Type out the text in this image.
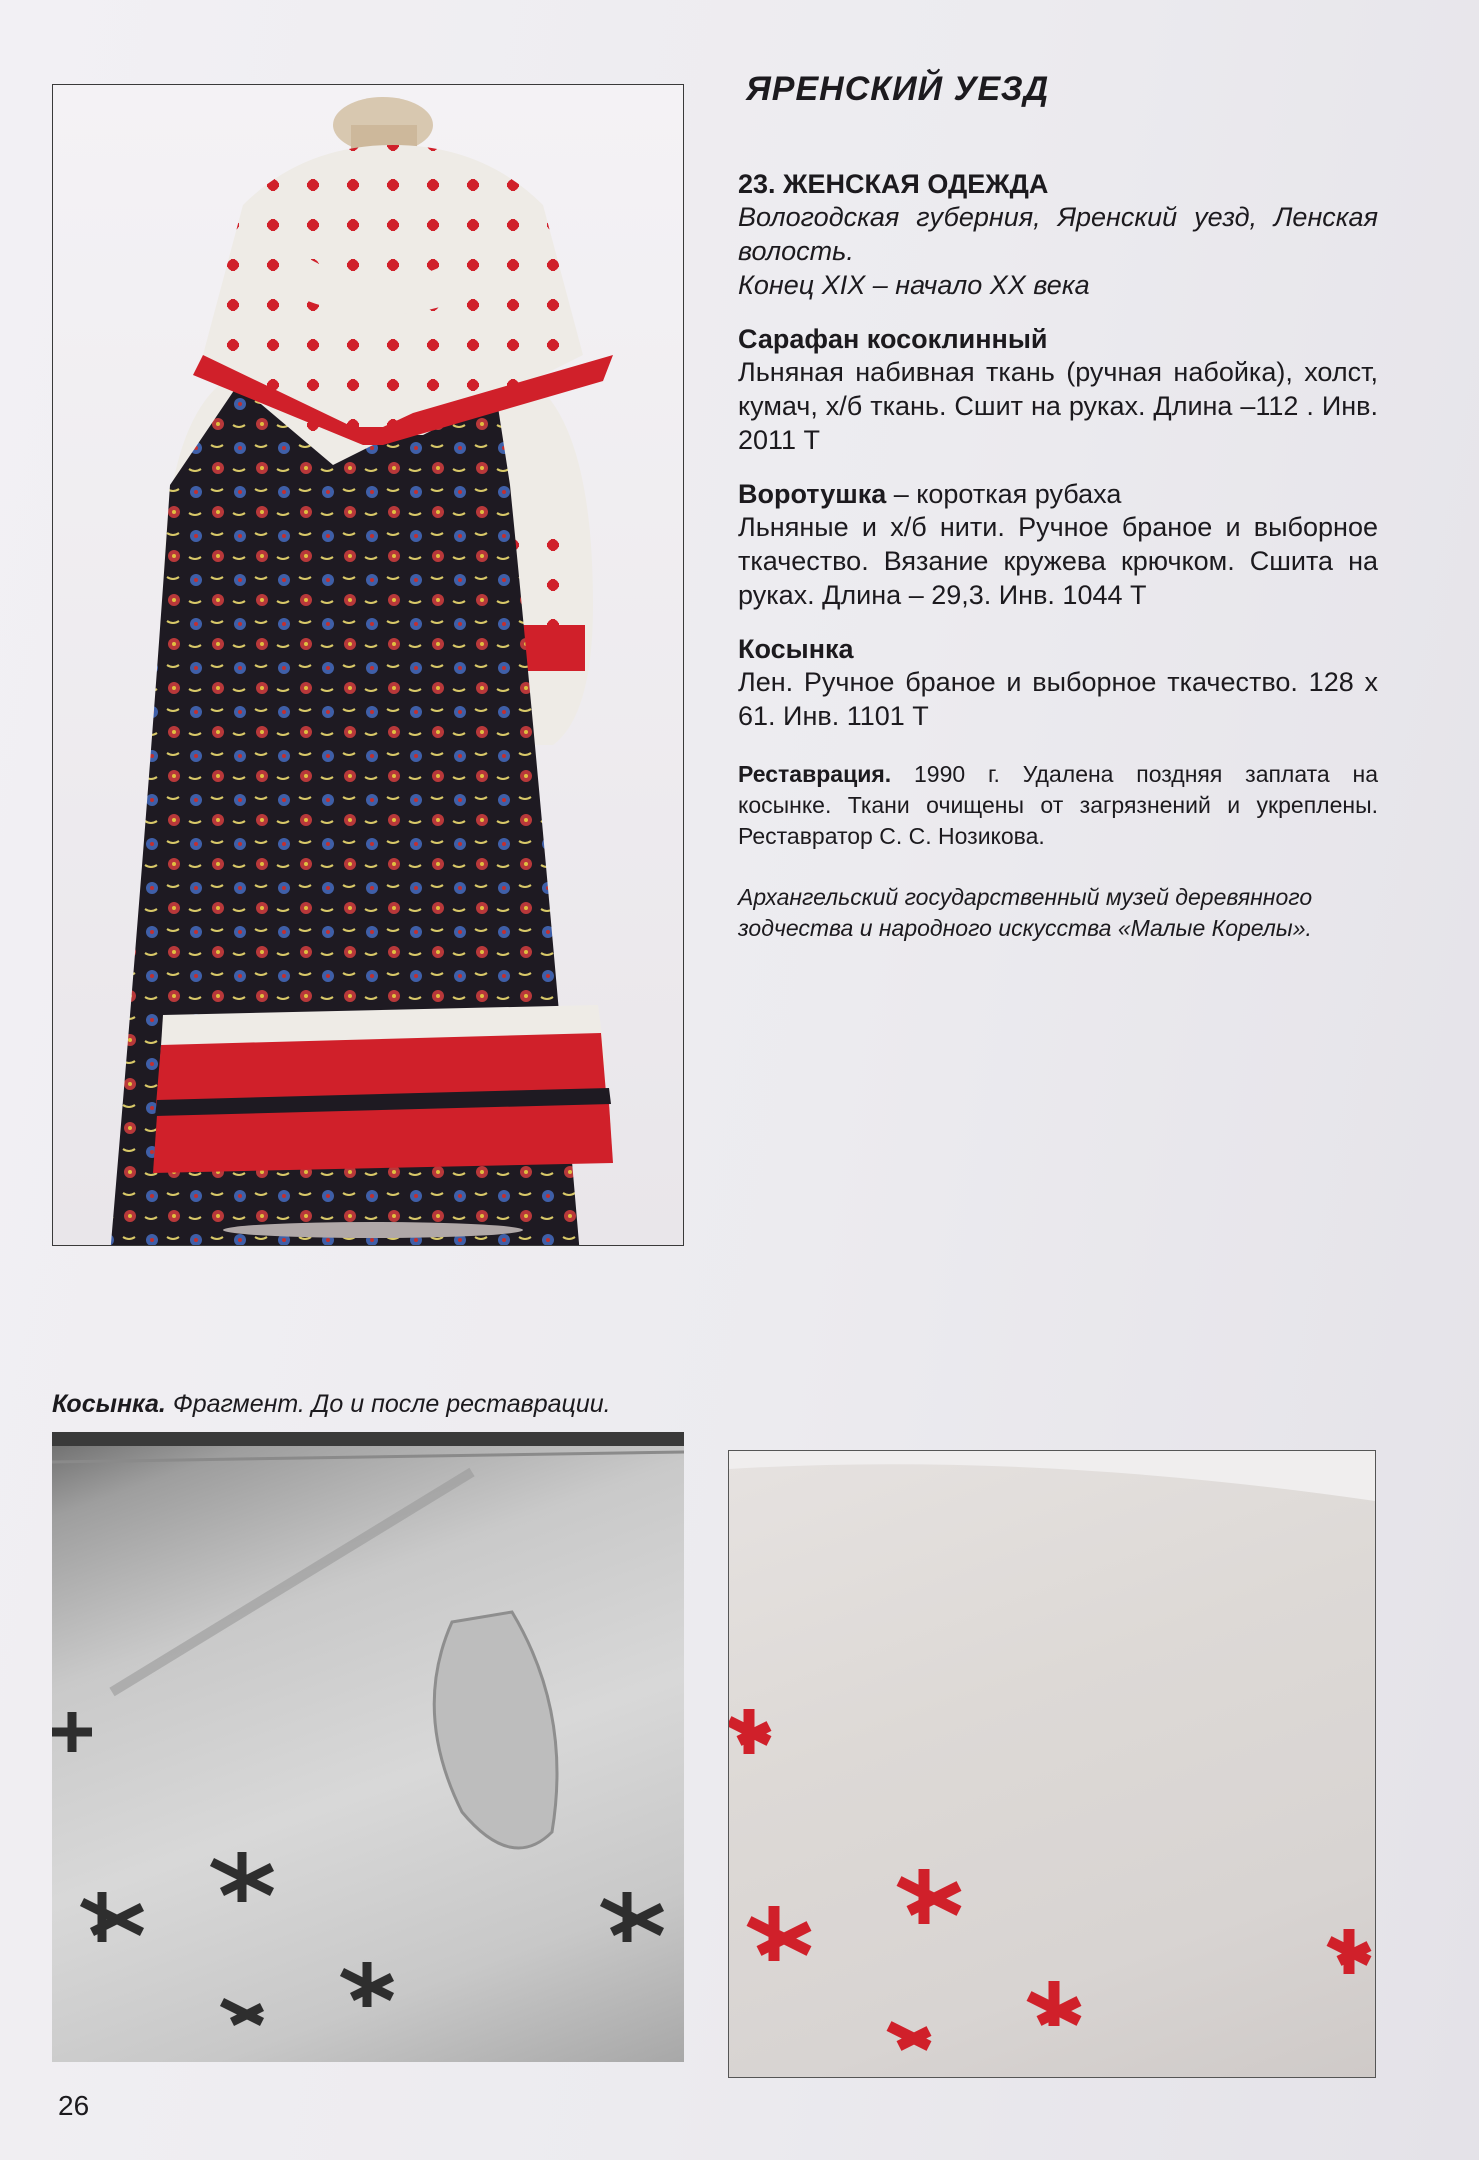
ЯРЕНСКИЙ УЕЗД

23. ЖЕНСКАЯ ОДЕЖДА

Вологодская губерния, Яренский уезд, Ленская волость.

Конец XIX – начало XX века

Сарафан косоклинный

Льняная набивная ткань (ручная набойка), холст, кумач, х/б ткань. Сшит на руках. Длина –112 . Инв. 2011 Т

Воротушка – короткая рубаха

Льняные и х/б нити. Ручное браное и выборное ткачество. Вязание кружева крючком. Сшита на руках. Длина – 29,3. Инв. 1044 Т

Косынка

Лен. Ручное браное и выборное ткачество. 128 х 61. Инв. 1101 Т

Реставрация. 1990 г. Удалена поздняя заплата на косынке. Ткани очищены от загрязнений и укреплены. Реставратор С. С. Нозикова.

Архангельский государственный музей деревянного зодчества и народного искусства «Малые Корелы».

Косынка. Фрагмент. До и после реставрации.
26
